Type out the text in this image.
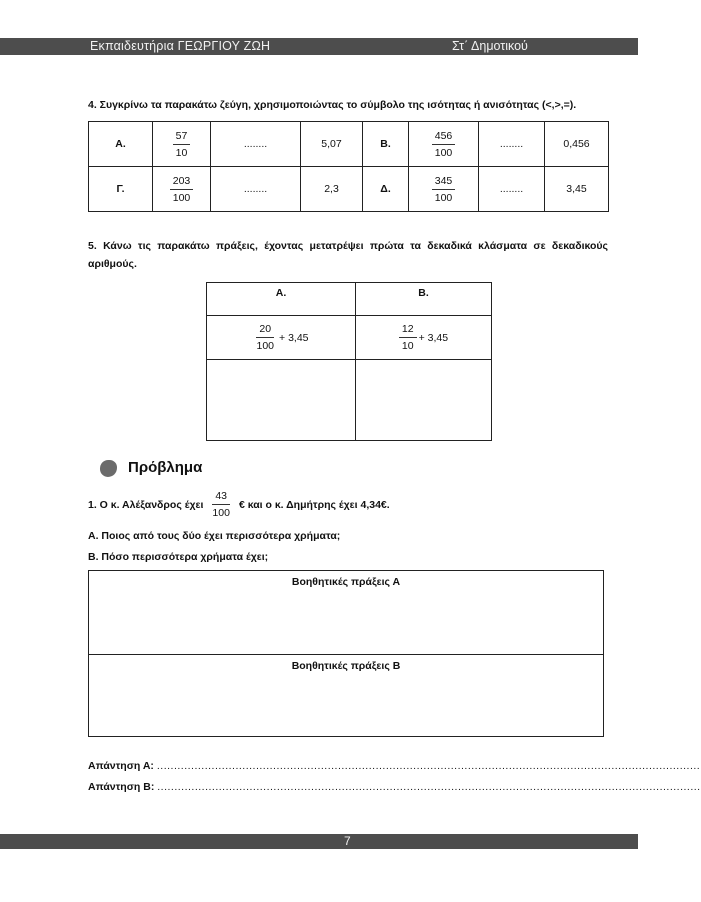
Εκπαιδευτήρια ΓΕΩΡΓΙΟΥ ΖΩΗ	Στ΄ Δημοτικού
4. Συγκρίνω τα παρακάτω ζεύγη, χρησιμοποιώντας το σύμβολο της ισότητας ή ανισότητας (<,>,=).
Α.	$\frac{57}{10}$	........	5,07	Β.	$\frac{456}{100}$	........	0,456
Γ.	$\frac{203}{100}$	........	2,3	Δ.	$\frac{345}{100}$	........	3,45
5. Κάνω τις παρακάτω πράξεις, έχοντας μετατρέψει πρώτα τα δεκαδικά κλάσματα σε δεκαδικούς
αριθμούς.
Α.	Β.

$\frac{20}{100} + 3,45$	$\frac{12}{10} + 3,45$

Πρόβλημα
1. Ο κ. Αλέξανδρος έχει $\frac{43}{100}$ € και ο κ. Δημήτρης έχει 4,34€.
Α. Ποιος από τους δύο έχει περισσότερα χρήματα;
Β. Πόσο περισσότερα χρήματα έχει;
Βοηθητικές πράξεις Α
Βοηθητικές πράξεις Β
Απάντηση Α: ...............................................................................................................................................................
Απάντηση Β: ...............................................................................................................................................................
7
